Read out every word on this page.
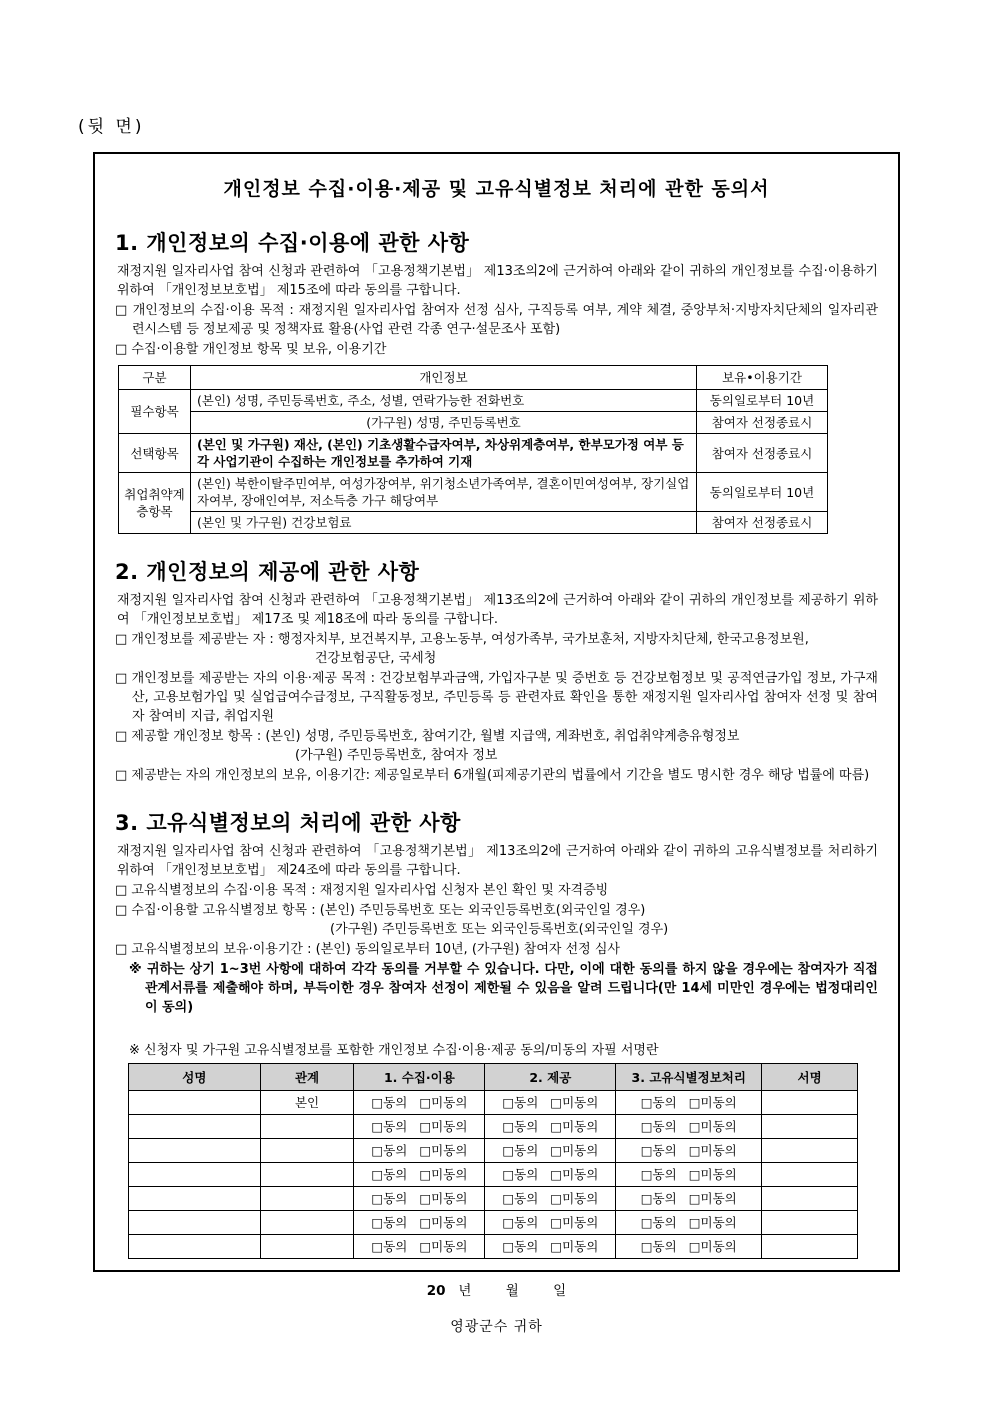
(뒷 면)
개인정보 수집·이용·제공 및 고유식별정보 처리에 관한 동의서
1. 개인정보의 수집·이용에 관한 사항
재정지원 일자리사업 참여 신청과 관련하여 「고용정책기본법」 제13조의2에 근거하여 아래와 같이 귀하의 개인정보를 수집·이용하기 위하여 「개인정보보호법」 제15조에 따라 동의를 구합니다.
□ 개인정보의 수집·이용 목적 : 재정지원 일자리사업 참여자 선정 심사, 구직등록 여부, 계약 체결, 중앙부처·지방자치단체의 일자리관련시스템 등 정보제공 및 정책자료 활용(사업 관련 각종 연구·설문조사 포함)
□ 수집·이용할 개인정보 항목 및 보유, 이용기간
구분	개인정보	보유•이용기간
필수항목	(본인) 성명, 주민등록번호, 주소, 성별, 연락가능한 전화번호	동의일로부터 10년
	(가구원) 성명, 주민등록번호	참여자 선정종료시
선택항목	(본인 및 가구원) 재산, (본인) 기초생활수급자여부, 차상위계층여부, 한부모가정 여부 등 각 사업기관이 수집하는 개인정보를 추가하여 기재	참여자 선정종료시
취업취약계층항목	(본인) 북한이탈주민여부, 여성가장여부, 위기청소년가족여부, 결혼이민여성여부, 장기실업자여부, 장애인여부, 저소득층 가구 해당여부	동의일로부터 10년
	(본인 및 가구원) 건강보험료	참여자 선정종료시
2. 개인정보의 제공에 관한 사항
재정지원 일자리사업 참여 신청과 관련하여 「고용정책기본법」 제13조의2에 근거하여 아래와 같이 귀하의 개인정보를 제공하기 위하여 「개인정보보호법」 제17조 및 제18조에 따라 동의를 구합니다.
□ 개인정보를 제공받는 자 : 행정자치부, 보건복지부, 고용노동부, 여성가족부, 국가보훈처, 지방자치단체, 한국고용정보원,
건강보험공단, 국세청
□ 개인정보를 제공받는 자의 이용·제공 목적 : 건강보험부과금액, 가입자구분 및 증번호 등 건강보험정보 및 공적연금가입 정보, 가구재산, 고용보험가입 및 실업급여수급정보, 구직활동정보, 주민등록 등 관련자료 확인을 통한 재정지원 일자리사업 참여자 선정 및 참여자 참여비 지급, 취업지원
□ 제공할 개인정보 항목 : (본인) 성명, 주민등록번호, 참여기간, 월별 지급액, 계좌번호, 취업취약계층유형정보
(가구원) 주민등록번호, 참여자 정보
□ 제공받는 자의 개인정보의 보유, 이용기간: 제공일로부터 6개월(피제공기관의 법률에서 기간을 별도 명시한 경우 해당 법률에 따름)
3. 고유식별정보의 처리에 관한 사항
재정지원 일자리사업 참여 신청과 관련하여 「고용정책기본법」 제13조의2에 근거하여 아래와 같이 귀하의 고유식별정보를 처리하기 위하여 「개인정보보호법」 제24조에 따라 동의를 구합니다.
□ 고유식별정보의 수집·이용 목적 : 재정지원 일자리사업 신청자 본인 확인 및 자격증빙
□ 수집·이용할 고유식별정보 항목 : (본인) 주민등록번호 또는 외국인등록번호(외국인일 경우)
(가구원) 주민등록번호 또는 외국인등록번호(외국인일 경우)
□ 고유식별정보의 보유·이용기간 : (본인) 동의일로부터 10년, (가구원) 참여자 선정 심사
※ 귀하는 상기 1~3번 사항에 대하여 각각 동의를 거부할 수 있습니다. 다만, 이에 대한 동의를 하지 않을 경우에는 참여자가 직접 관계서류를 제출해야 하며, 부득이한 경우 참여자 선정이 제한될 수 있음을 알려 드립니다(만 14세 미만인 경우에는 법정대리인이 동의)
※ 신청자 및 가구원 고유식별정보를 포함한 개인정보 수집·이용·제공 동의/미동의 자필 서명란
성명	관계	1. 수집·이용	2. 제공	3. 고유식별정보처리	서명
	본인	□동의 □미동의	□동의 □미동의	□동의 □미동의	
		□동의 □미동의	□동의 □미동의	□동의 □미동의	
		□동의 □미동의	□동의 □미동의	□동의 □미동의	
		□동의 □미동의	□동의 □미동의	□동의 □미동의	
		□동의 □미동의	□동의 □미동의	□동의 □미동의	
		□동의 □미동의	□동의 □미동의	□동의 □미동의	
		□동의 □미동의	□동의 □미동의	□동의 □미동의	
20   년        월        일
영광군수 귀하
